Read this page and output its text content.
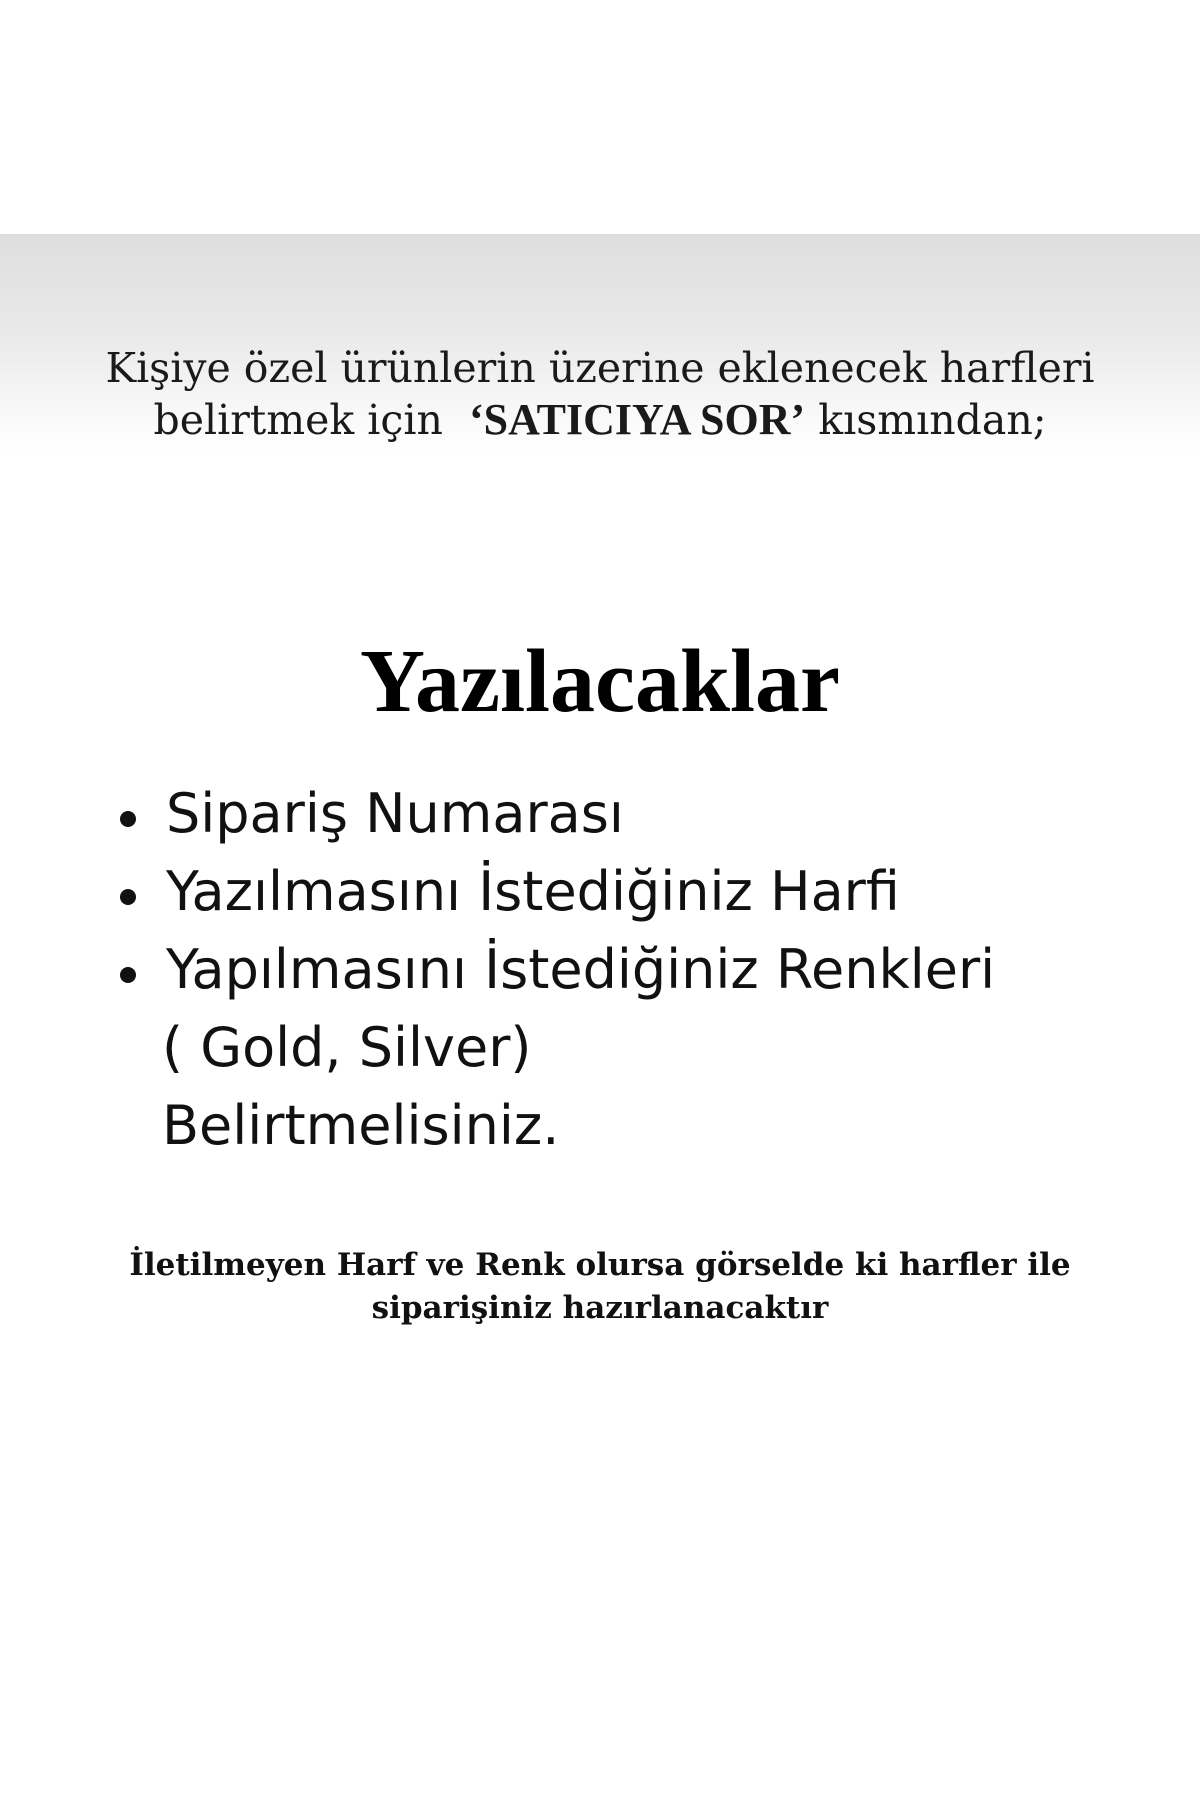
Kişiye özel ürünlerin üzerine eklenecek harfleri
belirtmek için ‘SATICIYA SOR’ kısmından;
Yazılacaklar
Sipariş Numarası
Yazılmasını İstediğiniz Harfi
Yapılmasını İstediğiniz Renkleri
( Gold, Silver)
Belirtmelisiniz.
İletilmeyen Harf ve Renk olursa görselde ki harfler ile
siparişiniz hazırlanacaktır
